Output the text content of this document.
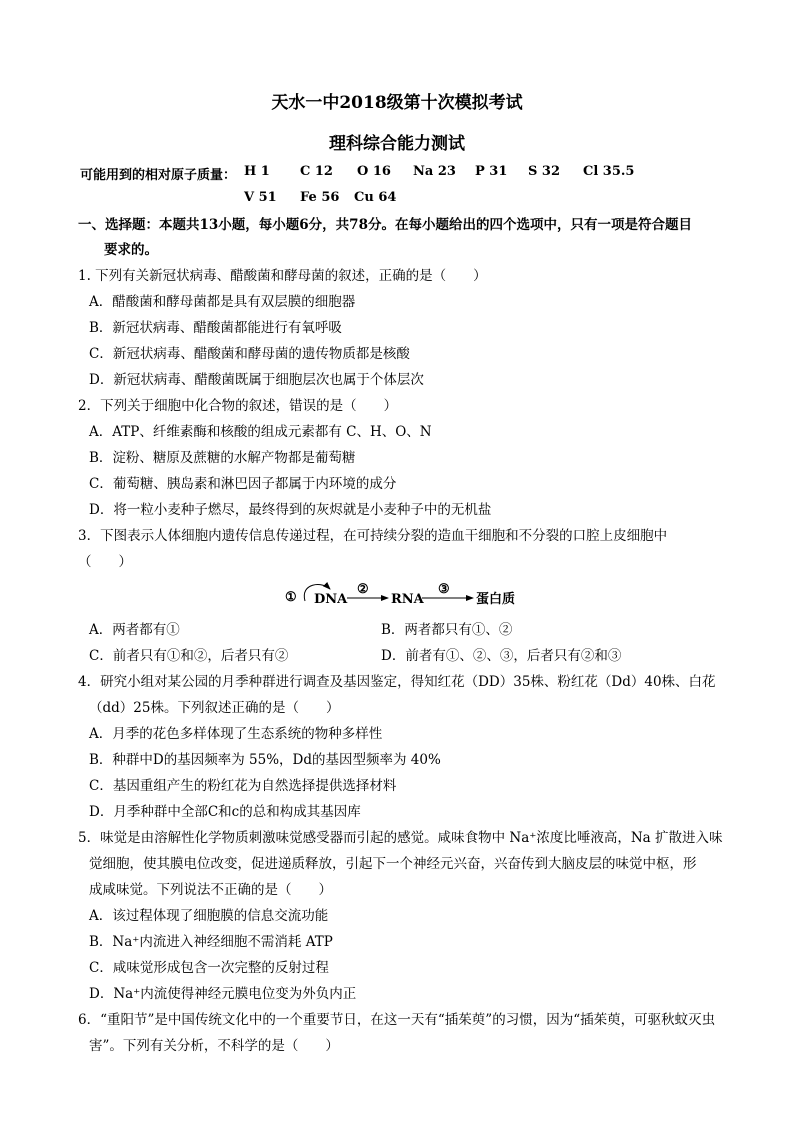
天水一中2018级第十次模拟考试
理科综合能力测试
可能用到的相对原子质量： H 1 C 12 O 16 Na 23 P 31 S 32 Cl 35.5
V 51 Fe 56 Cu 64
一、选择题：本题共13小题，每小题6分，共78分。在每小题给出的四个选项中，只有一项是符合题目
要求的。
1. 下列有关新冠状病毒、醋酸菌和酵母菌的叙述，正确的是（　　）
A．醋酸菌和酵母菌都是具有双层膜的细胞器
B．新冠状病毒、醋酸菌都能进行有氧呼吸
C．新冠状病毒、醋酸菌和酵母菌的遗传物质都是核酸
D．新冠状病毒、醋酸菌既属于细胞层次也属于个体层次
2．下列关于细胞中化合物的叙述，错误的是（　　）
A．ATP、纤维素酶和核酸的组成元素都有 C、H、O、N
B．淀粉、糖原及蔗糖的水解产物都是葡萄糖
C．葡萄糖、胰岛素和淋巴因子都属于内环境的成分
D．将一粒小麦种子燃尽，最终得到的灰烬就是小麦种子中的无机盐
3．下图表示人体细胞内遗传信息传递过程，在可持续分裂的造血干细胞和不分裂的口腔上皮细胞中
（　　）
① DNA
②
RNA
③
蛋白质
A．两者都有①	B．两者都只有①、②
C．前者只有①和②，后者只有②	D．前者有①、②、③，后者只有②和③
4．研究小组对某公园的月季种群进行调查及基因鉴定，得知红花（DD）35株、粉红花（Dd）40株、白花
（dd）25株。下列叙述正确的是（　　）
A．月季的花色多样体现了生态系统的物种多样性
B．种群中D的基因频率为 55%，Dd的基因型频率为 40%
C．基因重组产生的粉红花为自然选择提供选择材料
D．月季种群中全部C和c的总和构成其基因库
5．味觉是由溶解性化学物质刺激味觉感受器而引起的感觉。咸味食物中 Na⁺浓度比唾液高，Na 扩散进入味
觉细胞，使其膜电位改变，促进递质释放，引起下一个神经元兴奋，兴奋传到大脑皮层的味觉中枢，形
成咸味觉。下列说法不正确的是（　　）
A．该过程体现了细胞膜的信息交流功能
B．Na⁺内流进入神经细胞不需消耗 ATP
C．咸味觉形成包含一次完整的反射过程
D．Na⁺内流使得神经元膜电位变为外负内正
6．“重阳节”是中国传统文化中的一个重要节日，在这一天有“插茱萸”的习惯，因为“插茱萸，可驱秋蚊灭虫
害”。下列有关分析，不科学的是（　　）
